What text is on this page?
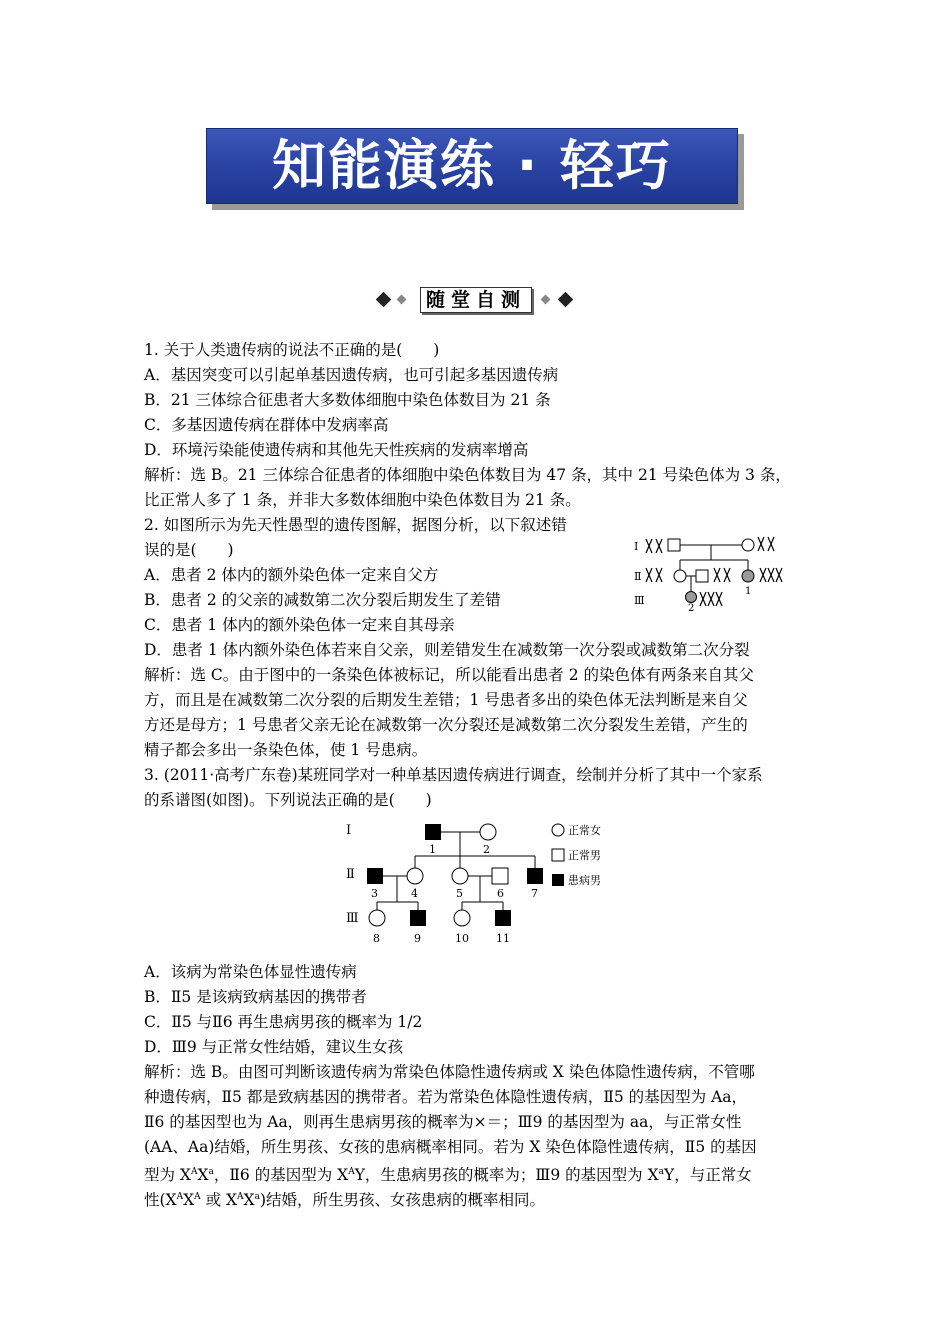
知能演练 · 轻巧
随堂自测
1. 关于人类遗传病的说法不正确的是(　　)
A．基因突变可以引起单基因遗传病，也可引起多基因遗传病
B．21 三体综合征患者大多数体细胞中染色体数目为 21 条
C．多基因遗传病在群体中发病率高
D．环境污染能使遗传病和其他先天性疾病的发病率增高
解析：选 B。21 三体综合征患者的体细胞中染色体数目为 47 条，其中 21 号染色体为 3 条，
比正常人多了 1 条，并非大多数体细胞中染色体数目为 21 条。
2. 如图所示为先天性愚型的遗传图解，据图分析，以下叙述错
误的是(　　)
A．患者 2 体内的额外染色体一定来自父方
B．患者 2 的父亲的减数第二次分裂后期发生了差错
C．患者 1 体内的额外染色体一定来自其母亲
D．患者 1 体内额外染色体若来自父亲，则差错发生在减数第一次分裂或减数第二次分裂
解析：选 C。由于图中的一条染色体被标记，所以能看出患者 2 的染色体有两条来自其父
方，而且是在减数第二次分裂的后期发生差错；1 号患者多出的染色体无法判断是来自父
方还是母方；1 号患者父亲无论在减数第一次分裂还是减数第二次分裂发生差错，产生的
精子都会多出一条染色体，使 1 号患病。
Ⅰ
Ⅱ
Ⅲ
1
2
3. (2011·高考广东卷)某班同学对一种单基因遗传病进行调查，绘制并分析了其中一个家系
的系谱图(如图)。下列说法正确的是(　　)
Ⅰ
Ⅱ
Ⅲ
1	2
3	4	5	6 7
8	9	10 11
正常女
正常男
患病男
A．该病为常染色体显性遗传病
B．Ⅱ5 是该病致病基因的携带者
C．Ⅱ5 与Ⅱ6 再生患病男孩的概率为 1/2
D．Ⅲ9 与正常女性结婚，建议生女孩
解析：选 B。由图可判断该遗传病为常染色体隐性遗传病或 X 染色体隐性遗传病，不管哪
种遗传病，Ⅱ5 都是致病基因的携带者。若为常染色体隐性遗传病，Ⅱ5 的基因型为 Aa，
Ⅱ6 的基因型也为 Aa，则再生患病男孩的概率为×＝；Ⅲ9 的基因型为 aa，与正常女性
(AA、Aa)结婚，所生男孩、女孩的患病概率相同。若为 X 染色体隐性遗传病，Ⅱ5 的基因
型为 $X^AX^a$，Ⅱ6 的基因型为 $X^AY$，生患病男孩的概率为；Ⅲ9 的基因型为 $X^aY$，与正常女
性($X^AX^A$ 或 $X^AX^a$)结婚，所生男孩、女孩患病的概率相同。
